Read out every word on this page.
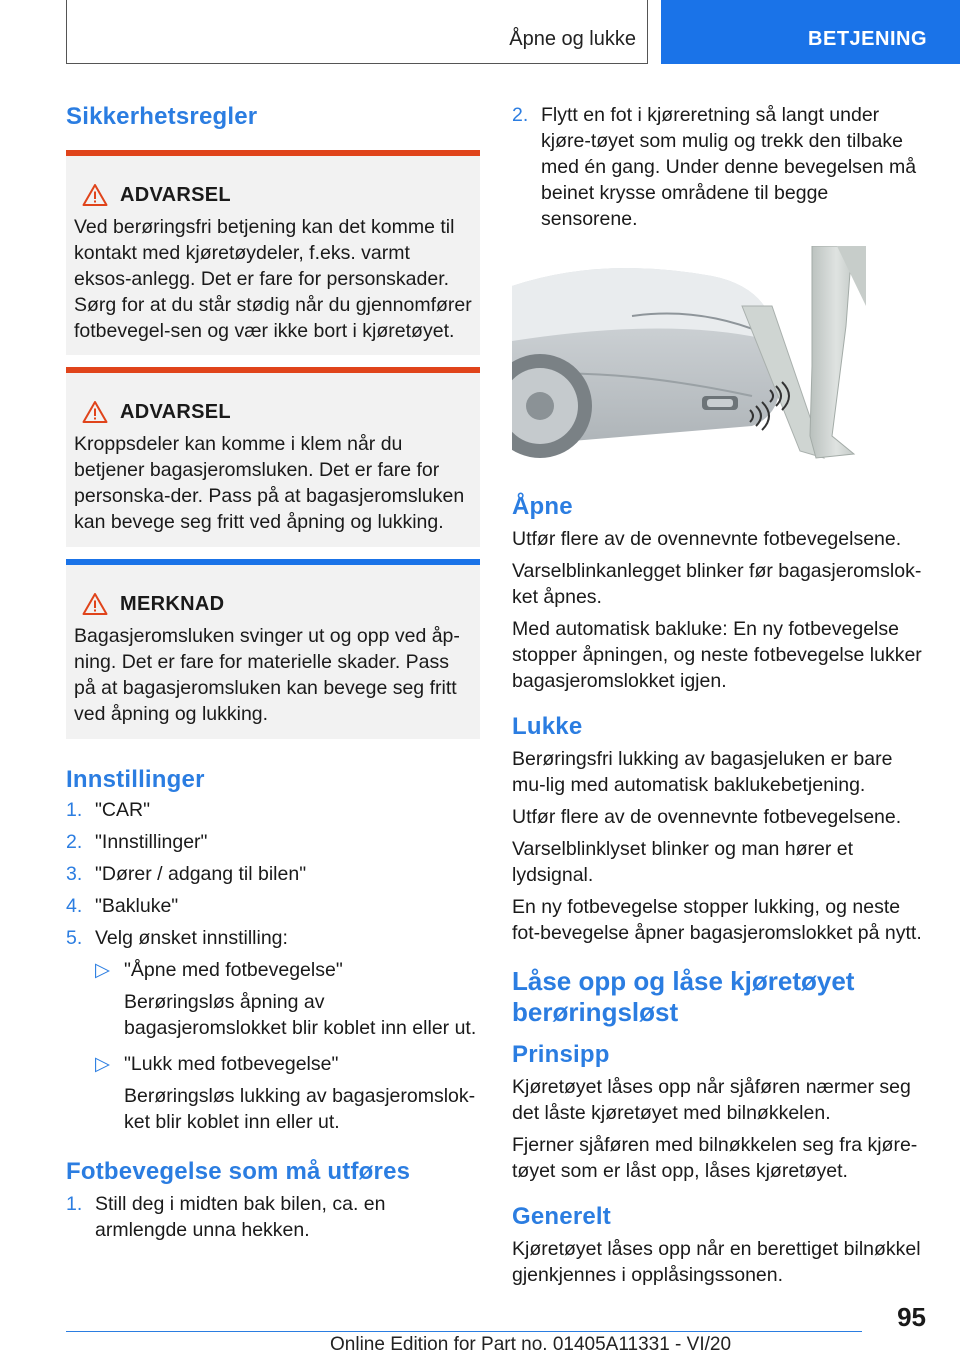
Åpne og lukke	BETJENING
Sikkerhetsregler
ADVARSEL

Ved berøringsfri betjening kan det komme til kontakt med kjøretøydeler, f.eks. varmt eksos-anlegg. Det er fare for personskader. Sørg for at du står stødig når du gjennomfører fotbevegel-sen og vær ikke bort i kjøretøyet.

ADVARSEL

Kroppsdeler kan komme i klem når du betjener bagasjeromsluken. Det er fare for personska-der. Pass på at bagasjeromsluken kan bevege seg fritt ved åpning og lukking.

MERKNAD

Bagasjeromsluken svinger ut og opp ved åp-ning. Det er fare for materielle skader. Pass på at bagasjeromsluken kan bevege seg fritt ved åpning og lukking.

Innstillinger
1. "CAR"
2. "Innstillinger"
3. "Dører / adgang til bilen"
4. "Bakluke"
5. Velg ønsket innstilling:
▷ "Åpne med fotbevegelse"
Berøringsløs åpning av bagasjeromslokket blir koblet inn eller ut.
▷ "Lukk med fotbevegelse"
Berøringsløs lukking av bagasjeromslok-ket blir koblet inn eller ut.
Fotbevegelse som må utføres
1. Still deg i midten bak bilen, ca. en armlengde unna hekken.
2. Flytt en fot i kjøreretning så langt under kjøre-tøyet som mulig og trekk den tilbake med én gang. Under denne bevegelsen må beinet krysse områdene til begge sensorene.
Åpne

Utfør flere av de ovennevnte fotbevegelsene.

Varselblinkanlegget blinker før bagasjeromslok-ket åpnes.

Med automatisk bakluke: En ny fotbevegelse stopper åpningen, og neste fotbevegelse lukker bagasjeromslokket igjen.

Lukke

Berøringsfri lukking av bagasjeluken er bare mu-lig med automatisk baklukebetjening.

Utfør flere av de ovennevnte fotbevegelsene.

Varselblinklyset blinker og man hører et lydsignal.

En ny fotbevegelse stopper lukking, og neste fot-bevegelse åpner bagasjeromslokket på nytt.

Låse opp og låse kjøretøyet berøringsløst
Prinsipp

Kjøretøyet låses opp når sjåføren nærmer seg det låste kjøretøyet med bilnøkkelen.

Fjerner sjåføren med bilnøkkelen seg fra kjøre-tøyet som er låst opp, låses kjøretøyet.

Generelt

Kjøretøyet låses opp når en berettiget bilnøkkel gjenkjennes i opplåsingssonen.

95
Online Edition for Part no. 01405A11331 - VI/20
